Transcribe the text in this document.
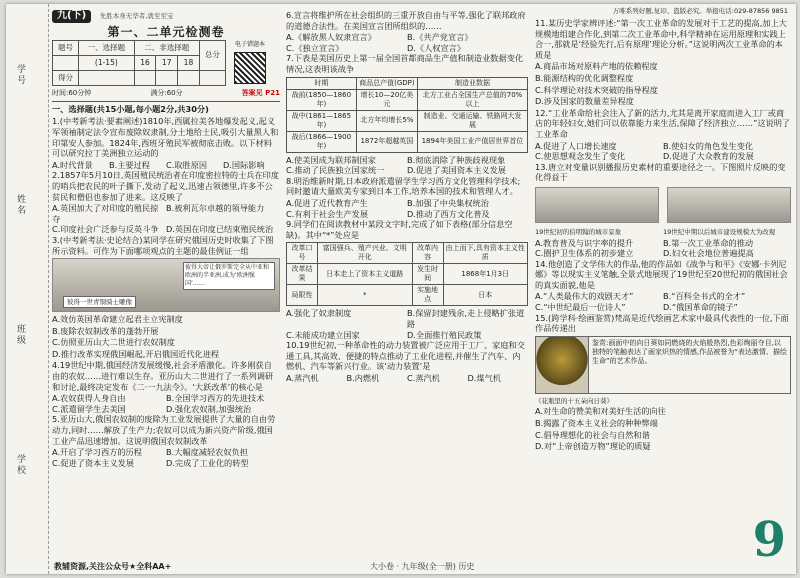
学号
姓名
班级
学校
万唯系列好题,复印、盗版必究。举报电话:029-87856 9851
九(下) 先胜本身无华者,就至至宝
第一、二单元检测卷
题号	一、选择题	二、非选择题			总分
	(1-15)	16	17	18	
得分					
电子错题本
时间:60分钟	满分:60分	答案见 P21
一、选择题(共15小题,每小题2分,共30分)
1.(中考新考法·要素阐述)1810年,西属拉美各地爆发起义,起义军领袖制定法令宣布废除奴隶制,分土地给土民,吸引大量黑人和印第安人参加。1824年,西班牙殖民军被彻底击败。以下材料可以研究拉丁美洲独立运动的
A.时代背景	B.主要过程	C.取胜原因	D.国际影响
2.1857年5月10日,英国殖民统治者在印度密拉特的士兵在印度的哨兵把农民的叶子撕下,发动了起义,迅速占领德里,许多不公贫民和僧侣也参加了进来。这反映了
A.英国加大了对印度的殖民掠夺
B.被利瓦尔卓越的领导能力
C.印度社会广泛参与反英斗争 D.英国在印度已结束殖民统治
3.(中考新考法·史论结合)某同学在研究俄国历史时收集了下图所示资料。可作为下面哪项观点的主题的最佳例证一组
彼得一世青铜骑士雕像
彼得大帝让俄罗斯完全从中亚和欧洲的半亚洲,成为‘欧洲强国’……
A.效仿英国革命建立起君主立宪制度
B.废除农奴制改革的蓬勃开展
C.仿照亚历山大二世进行农奴制度
D.推行改革实现俄国崛起,开启俄国近代化进程
4.19世纪中期,俄国经济发展缓慢,社会矛盾激化。许多刚获自由的农奴……进行难以生存。亚历山大二世进行了一系列调研和讨论,最终决定发布《二·一九法令》。‘大跃改革’的核心是
A.农奴获得人身自由	B.全国学习西方的先进技术
C.派遣留学生去美国	D.强化农奴制,加强统治
5.亚历山大,俄国农奴制的废除为工业发展提供了大量的自由劳动力,同时……解放了生产力;农奴可以成为新兴资产阶级,俄国工业产品迅速增加。这说明俄国农奴制改革
A.开启了学习西方的历程	B.大幅度减轻农奴负担
C.促进了资本主义发展	D.完成了工业化的转型
6.宣言将维护所在社会组织的三重开放自由与平等,强化了联邦政府的道德合法性。在美国宣言团所组织的……
A.《解放黑人奴隶宣言》	B.《共产党宣言》
C.《独立宣言》	D.《人权宣言》
7.下表是美国历史上第一届全国首都商品生产值和制造业数据变化情况,这表明该战争
时期	商品总产值(GDP)	制造业数据
战前(1850—1860年)	增长10—20亿美元	北方工业占全国生产总值的70%以上
战中(1861—1865年)	北方年均增长5%	制造业、交通运输、铁路网大发展
战后(1866—1900年)	1872年超越英国	1894年美国工业产值居世界首位
A.使美国成为联邦制国家	B.彻底消除了种族歧视现象
C.推动了民族独立国家统一	D.促进了美国资本主义发展
8.明治维新时期,日本政府派遣留学生学习西方文化管理科学技术;同时邀请大量欧美专家到日本工作,培养本国的技术和管理人才。
A.促进了近代教育产生	B.加强了中央集权统治
C.有利于社会生产发展	D.推动了西方文化普及
9.同学们在阅读教材中某段文字时,完成了如下表格(部分信息空缺)。其中“*”处应是
改革口号	富国强兵、殖产兴业、文明开化	改革内容	由上而下,具有资本主义性质
改革结果	日本走上了资本主义道路	发生时间	1868年1月3日
局限性	*	实施地点	日本
A.强化了奴隶制度	B.保留封建残余,走上侵略扩张道路
C.未能成功建立国家	D.全面推行殖民政策
10.19世纪初,一种革命性的动力装置被广泛应用于工厂、家庭和交通工具,其高效、便捷的特点推动了工业化进程,并催生了汽车、内燃机、汽车等新兴行业。该‘动力装置’是
A.蒸汽机	B.内燃机	C.蒸汽机	D.煤气机
11.某历史学家辨评述:“第一次工业革命的发展对于工艺的提高,加上大规模地组建合作化,到第二次工业革命中,科学精神在运用原理和实践上合一,那就是‘经验先行,后有原理’理论分析。”这说明两次工业革命的本质是
A.商品市场对原料产地的依赖程度
B.能源结构的优化调整程度
C.科学理论对技术突破的指导程度
D.涉及国家的数量差异程度
12.“工业革命给社会注入了新的活力,尤其是离开家庭而进入工厂或商店的年轻妇女,她们可以依靠能力来生活,保障了经济独立……”这说明了工业革命
A.促进了人口增长速度	B.使妇女的角色发生变化
C.使思想观念发生了变化	D.促进了大众教育的发展
13.唐立对变量识别播报历史素材的重要途径之一。下图照片反映的变化得益于
19世纪初的伯明翰的城市景象	19世纪中期以后城市建设规模大为改观
A.教育普及与识字率的提升	B.第一次工业革命的推动
C.圈护卫生体系的初步建立	D.妇女社会地位普遍提高
14.他创造了文学伟大的作品,他的作品如《战争与和平》《安娜·卡列尼娜》等以现实主义笔触,全景式地展现了19世纪至20世纪初的俄国社会的真实面貌,他是
A.“人类最伟大的戏剧天才”	B.“百科全书式的全才”
C.“中世纪最后一位诗人”	D.“俄国革命的镜子”
15.(跨学科·绘画鉴赏)梵高是近代绘画艺术家中最具代表性的一位,下面作品传递出
鉴赏:画面中的向日葵如同燃烧的火焰般热烈,色彩绚丽夺目,以独特的笔触表达了画家炽热的情感,作品被誉为“表达激情、描绘生命”的艺术作品。
《花瓶里的十五朵向日葵》
A.对生命的赞美和对美好生活的向往
B.揭露了资本主义社会的种种弊端
C.倡导理想化的社会与自然和谐
D.对“上帝创造万物”理论的质疑
教辅资源,关注公众号★全科AA+	大小卷 · 九年级(全一册) 历史	9
